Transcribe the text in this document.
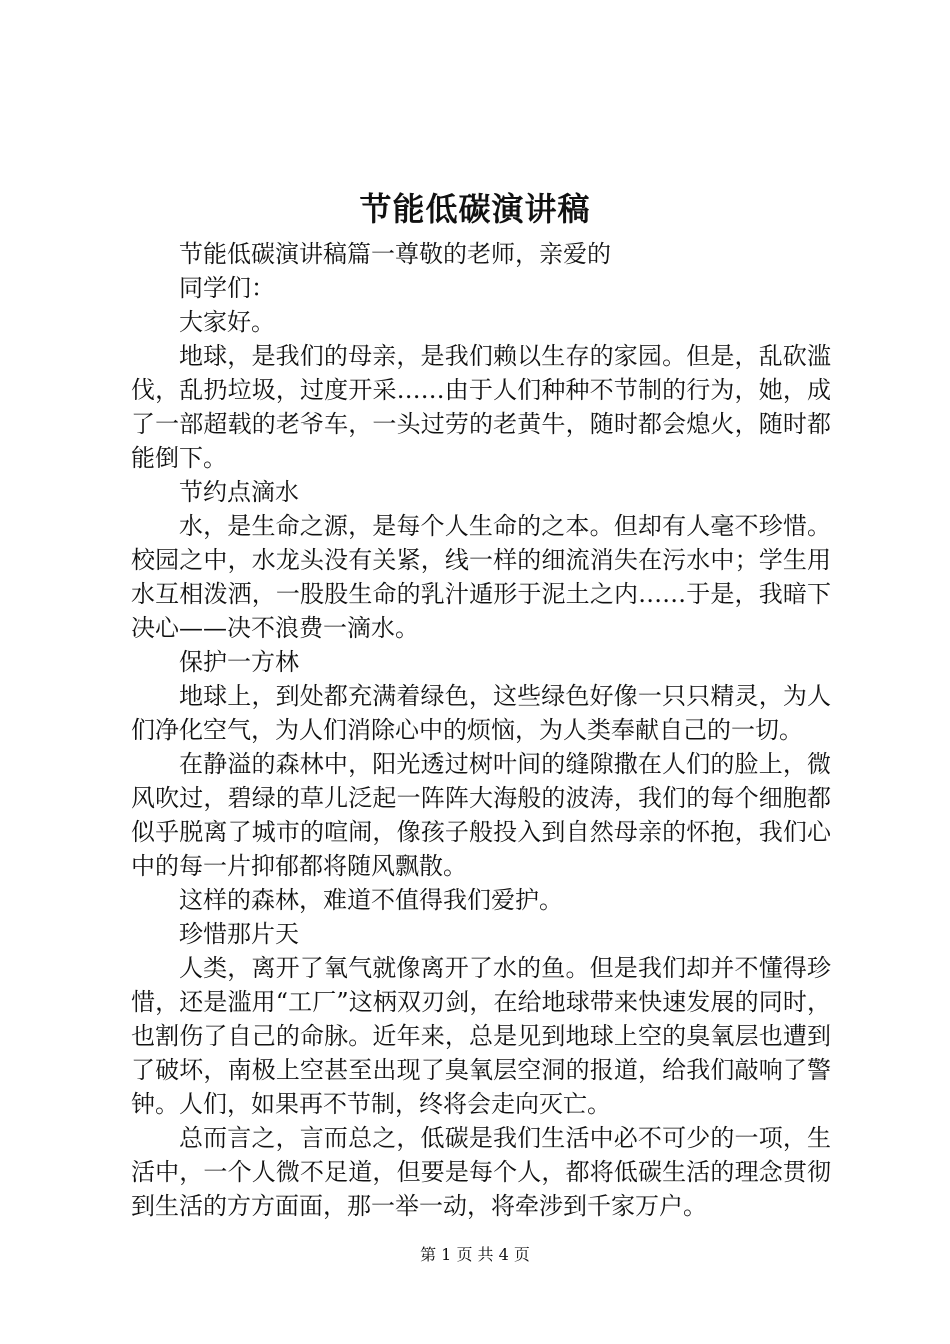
节能低碳演讲稿

节能低碳演讲稿篇一尊敬的老师，亲爱的

同学们：

大家好。

地球，是我们的母亲，是我们赖以生存的家园。但是，乱砍滥伐，乱扔垃圾，过度开采……由于人们种种不节制的行为，她，成了一部超载的老爷车，一头过劳的老黄牛，随时都会熄火，随时都能倒下。

节约点滴水

水，是生命之源，是每个人生命的之本。但却有人毫不珍惜。校园之中，水龙头没有关紧，线一样的细流消失在污水中；学生用水互相泼洒，一股股生命的乳汁遁形于泥土之内……于是，我暗下决心——决不浪费一滴水。

保护一方林

地球上，到处都充满着绿色，这些绿色好像一只只精灵，为人们净化空气，为人们消除心中的烦恼，为人类奉献自己的一切。

在静溢的森林中，阳光透过树叶间的缝隙撒在人们的脸上，微风吹过，碧绿的草儿泛起一阵阵大海般的波涛，我们的每个细胞都似乎脱离了城市的喧闹，像孩子般投入到自然母亲的怀抱，我们心中的每一片抑郁都将随风飘散。

这样的森林，难道不值得我们爱护。

珍惜那片天

人类，离开了氧气就像离开了水的鱼。但是我们却并不懂得珍惜，还是滥用“工厂”这柄双刃剑，在给地球带来快速发展的同时，也割伤了自己的命脉。近年来，总是见到地球上空的臭氧层也遭到了破坏，南极上空甚至出现了臭氧层空洞的报道，给我们敲响了警钟。人们，如果再不节制，终将会走向灭亡。

总而言之，言而总之，低碳是我们生活中必不可少的一项，生活中，一个人微不足道，但要是每个人，都将低碳生活的理念贯彻到生活的方方面面，那一举一动，将牵涉到千家万户。

第 1 页 共 4 页
